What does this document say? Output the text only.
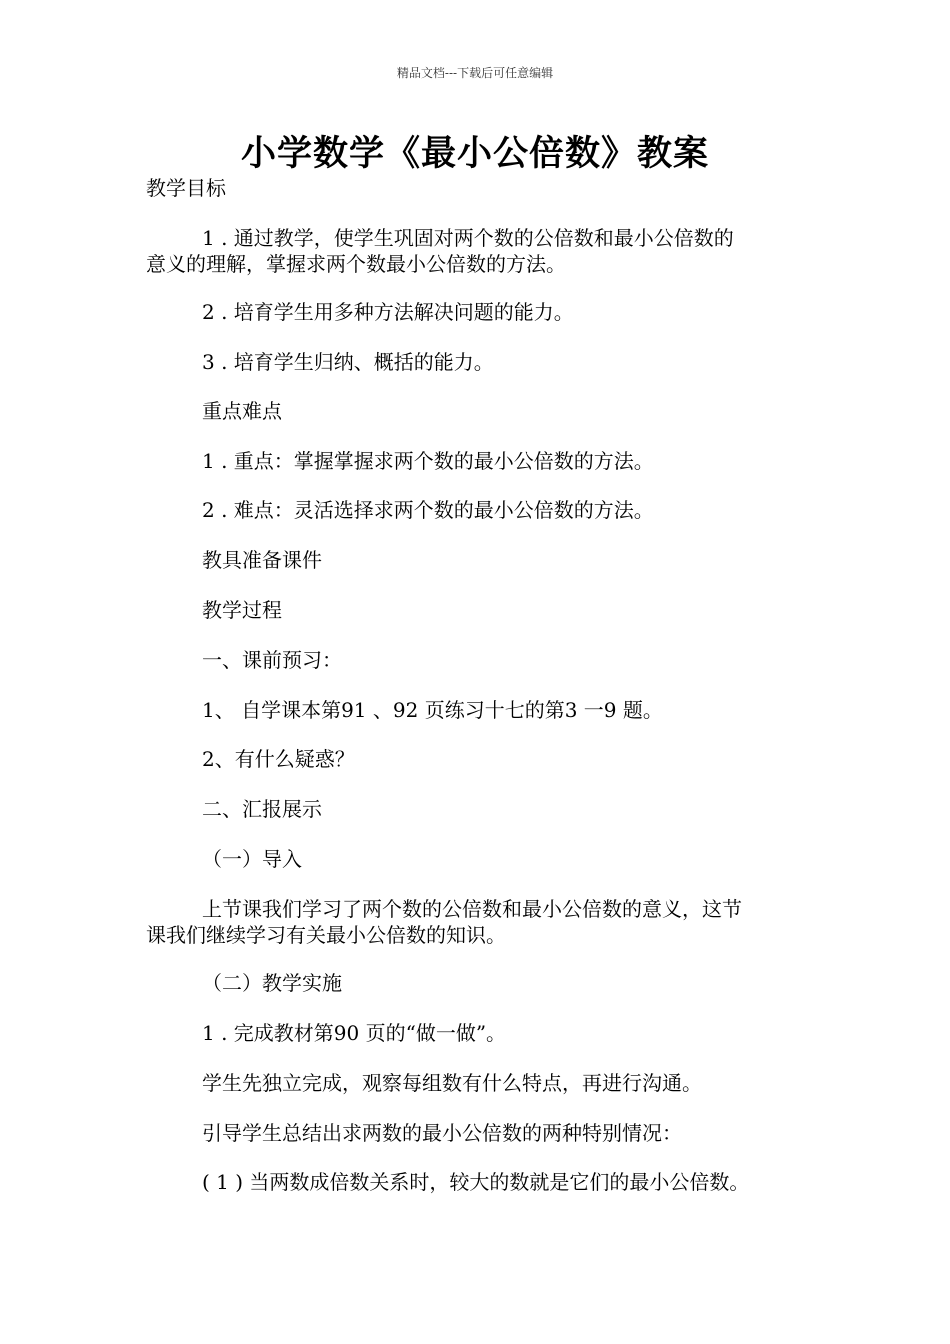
精品文档---下载后可任意编辑
小学数学《最小公倍数》教案

教学目标

1 . 通过教学，使学生巩固对两个数的公倍数和最小公倍数的
意义的理解，掌握求两个数最小公倍数的方法。

2 . 培育学生用多种方法解决问题的能力。

3 . 培育学生归纳、概括的能力。

重点难点

1 . 重点：掌握掌握求两个数的最小公倍数的方法。

2 . 难点：灵活选择求两个数的最小公倍数的方法。

教具准备课件

教学过程

一、课前预习：

1、 自学课本第91 、92 页练习十七的第3 一9 题。

2、有什么疑惑？

二、汇报展示

（一）导入

上节课我们学习了两个数的公倍数和最小公倍数的意义，这节
课我们继续学习有关最小公倍数的知识。

（二）教学实施

1 . 完成教材第90 页的“做一做”。

学生先独立完成，观察每组数有什么特点，再进行沟通。

引导学生总结出求两数的最小公倍数的两种特别情况：

( 1 ) 当两数成倍数关系时，较大的数就是它们的最小公倍数。
